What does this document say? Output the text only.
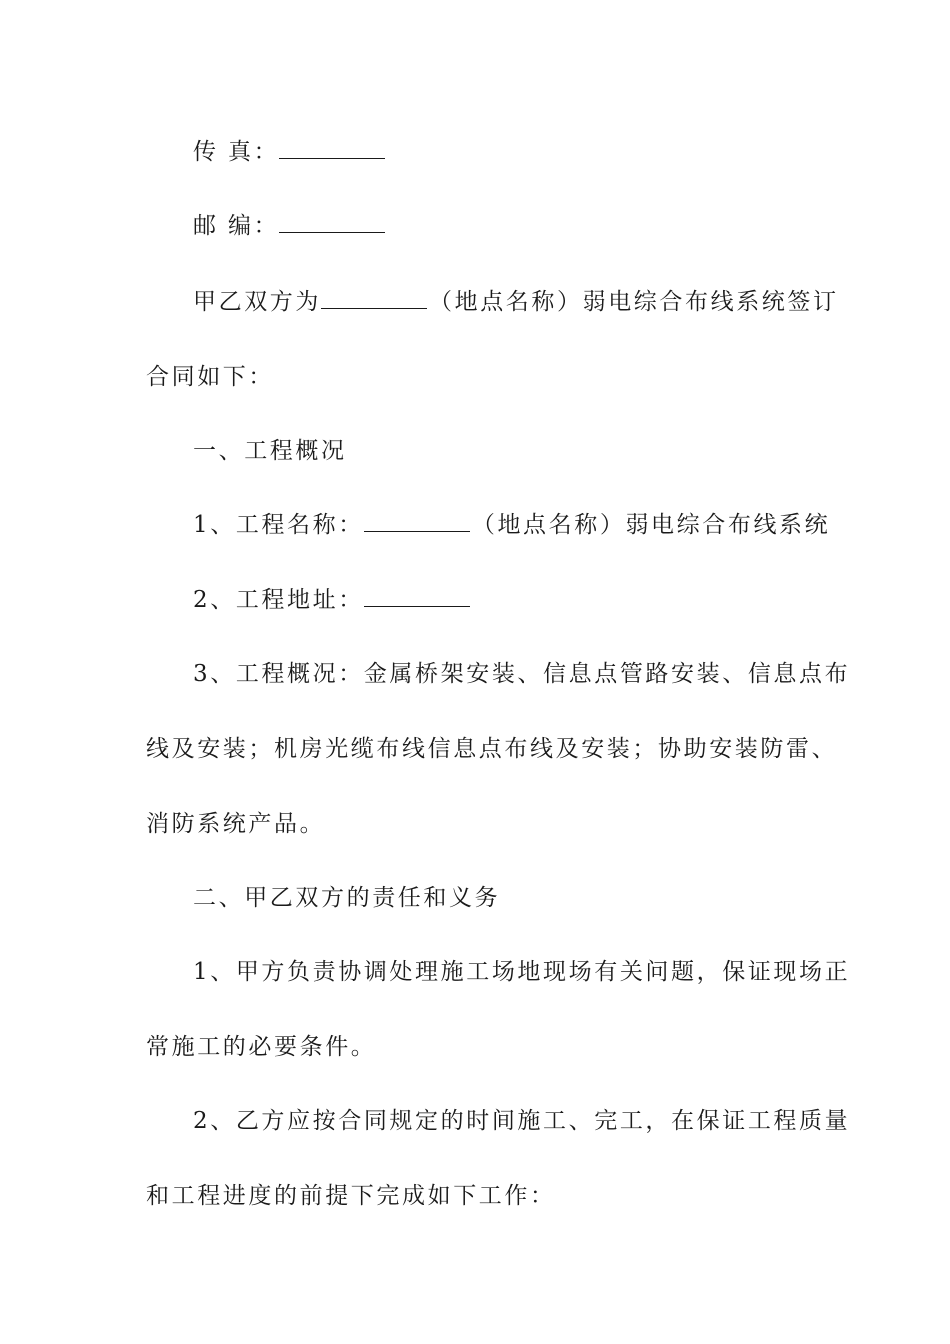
传真：
邮编：
甲乙双方为	（地点名称）弱电综合布线系统签订
合同如下：
一、工程概况
1、工程名称：	（地点名称）弱电综合布线系统
2、工程地址：
3、工程概况：金属桥架安装、信息点管路安装、信息点布
线及安装；机房光缆布线信息点布线及安装；协助安装防雷、
消防系统产品。
二、甲乙双方的责任和义务
1、甲方负责协调处理施工场地现场有关问题，保证现场正
常施工的必要条件。
2、乙方应按合同规定的时间施工、完工，在保证工程质量
和工程进度的前提下完成如下工作：
